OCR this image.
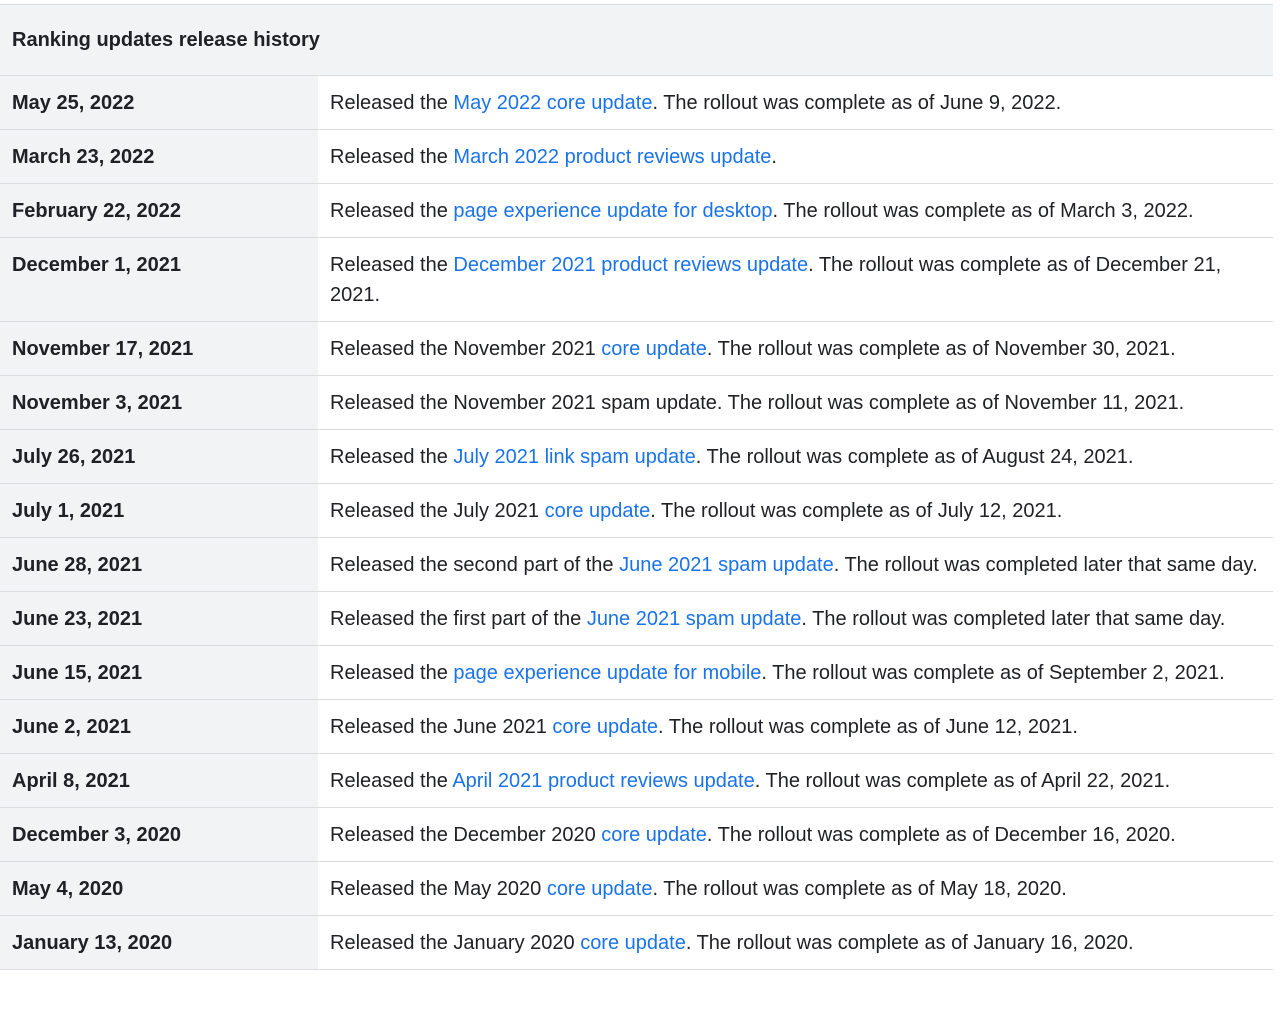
Ranking updates release history	
May 25, 2022	Released the May 2022 core update. The rollout was complete as of June 9, 2022.
March 23, 2022	Released the March 2022 product reviews update.
February 22, 2022	Released the page experience update for desktop. The rollout was complete as of March 3, 2022.
December 1, 2021	Released the December 2021 product reviews update. The rollout was complete as of December 21, 2021.
November 17, 2021	Released the November 2021 core update. The rollout was complete as of November 30, 2021.
November 3, 2021	Released the November 2021 spam update. The rollout was complete as of November 11, 2021.
July 26, 2021	Released the July 2021 link spam update. The rollout was complete as of August 24, 2021.
July 1, 2021	Released the July 2021 core update. The rollout was complete as of July 12, 2021.
June 28, 2021	Released the second part of the June 2021 spam update. The rollout was completed later that same day.
June 23, 2021	Released the first part of the June 2021 spam update. The rollout was completed later that same day.
June 15, 2021	Released the page experience update for mobile. The rollout was complete as of September 2, 2021.
June 2, 2021	Released the June 2021 core update. The rollout was complete as of June 12, 2021.
April 8, 2021	Released the April 2021 product reviews update. The rollout was complete as of April 22, 2021.
December 3, 2020	Released the December 2020 core update. The rollout was complete as of December 16, 2020.
May 4, 2020	Released the May 2020 core update. The rollout was complete as of May 18, 2020.
January 13, 2020	Released the January 2020 core update. The rollout was complete as of January 16, 2020.
